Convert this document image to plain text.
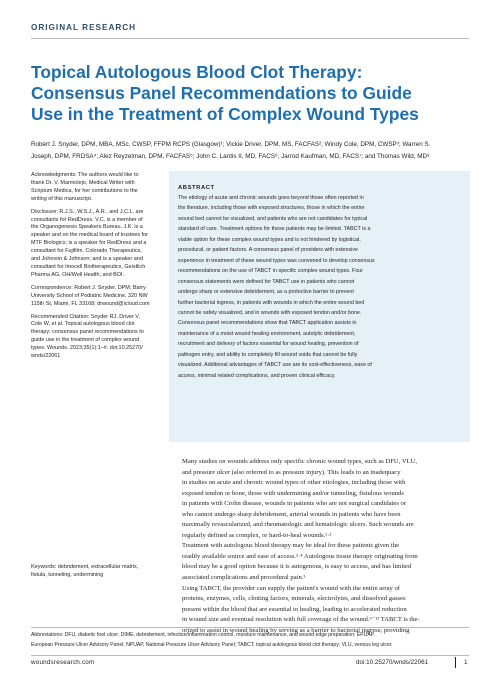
ORIGINAL RESEARCH
Topical Autologous Blood Clot Therapy:
Consensus Panel Recommendations to Guide
Use in the Treatment of Complex Wound Types
Robert J. Snyder, DPM, MBA, MSc, CWSP, FFPM RCPS (Glasgow)¹; Vickie Driver, DPM, MS, FACFAS²; Windy Cole, DPM, CWSP³; Warren S.
Joseph, DPM, FRDSA⁴; Alez Reyzelman, DPM, FACFAS⁵; John C. Lantis II, MD, FACS⁶; Jarrod Kaufman, MD, FACS⁷; and Thomas Wild, MD⁸
Acknowledgments: The authors would like to
thank Dr. V. Marmolejo, Medical Writer with
Scriptum Medica, for her contributions to the
writing of this manuscript.
Disclosure: R.J.S., W.S.J., A.R., and J.C.L. are
consultants for RedDress. V.C. is a member of
the Organogenesis Speakers Bureau. J.K. is a
speaker and on the medical board of trustees for
MTF Biologics; is a speaker for RedDress and a
consultant for Fujifilm, Colorado Therapeutics,
and Johnson & Johnson; and is a speaker and
consultant for Imocell Biotherapeutics, Geistlich
Pharma AG, OH/Well Health, and BOI.
Correspondence: Robert J. Snyder, DPM; Barry
University School of Podiatric Medicine, 320 NW
115th St, Miami, FL 33168; drwound@icloud.com
Recommended Citation: Snyder RJ, Driver V,
Cole W, et al. Topical autologous blood clot
therapy: consensus panel recommendations to
guide use in the treatment of complex wound
types. Wounds. 2023;35(1):1–#. doi:10.25270/
wnds/22061
ABSTRACT
The etiology of acute and chronic wounds goes beyond those often reported in
the literature, including those with exposed structures, those in which the entire
wound bed cannot be visualized, and patients who are not candidates for typical
standard of care. Treatment options for these patients may be limited. TABCT is a
viable option for these complex wound types and is not hindered by logistical,
procedural, or patient factors. A consensus panel of providers with extensive
experience in treatment of these wound types was convened to develop consensus
recommendations on the use of TABCT in specific complex wound types. Four
consensus statements were defined for TABCT use in patients who cannot
undergo sharp or extensive debridement, as a protective barrier to prevent
further bacterial ingress, in patients with wounds in which the entire wound bed
cannot be safely visualized, and in wounds with exposed tendon and/or bone.
Consensus panel recommendations show that TABCT application assists in
maintenance of a moist wound healing environment, autolytic debridement,
recruitment and delivery of factors essential for wound healing, prevention of
pathogen entry, and ability to completely fill wound voids that cannot be fully
visualized. Additional advantages of TABCT use are its cost-effectiveness, ease of
access, minimal related complications, and proven clinical efficacy.
Many studies on wounds address only specific chronic wound types, such as DFU, VLU,
and pressure ulcer (also referred to as pressure injury). This leads to an inadequacy
in studies on acute and chronic wound types of other etiologies, including those with
exposed tendon or bone, those with undermining and/or tunneling, fistulous wounds
in patients with Crohn disease, wounds in patients who are not surgical candidates or
who cannot undergo sharp debridement, arterial wounds in patients who have been
maximally revascularized, and rheumatologic and hematologic ulcers. Such wounds are
regularly defined as complex, or hard-to-heal wounds.¹·²
Treatment with autologous blood therapy may be ideal for these patients given the
readily available source and ease of access.³·⁴ Autologous tissue therapy originating from
blood may be a good option because it is autogenous, is easy to access, and has limited
associated complications and procedural pain.⁵
Using TABCT, the provider can supply the patient's wound with the entire array of
proteins, enzymes, cells, clotting factors, minerals, electrolytes, and dissolved gasses
present within the blood that are essential to healing, leading to accelerated reduction
in wound size and eventual resolution with full coverage of the wound.⁶⁻¹³ TABCT is the-
orized to assist in wound healing by serving as a barrier to bacterial ingress; providing
Keywords: debridement, extracellular matrix,
fistula, tunneling, undermining
Abbreviations: DFU, diabetic foot ulcer; DIME, debridement, infection/inflammation control, moisture maintenance, and wound edge preparation; EPUAP,
European Pressure Ulcer Advisory Panel; NPUAP, National Pressure Ulcer Advisory Panel; TABCT, topical autologous blood clot therapy; VLU, venous leg ulcer.
woundsresearch.com	doi:10.25270/wnds/22061	1
